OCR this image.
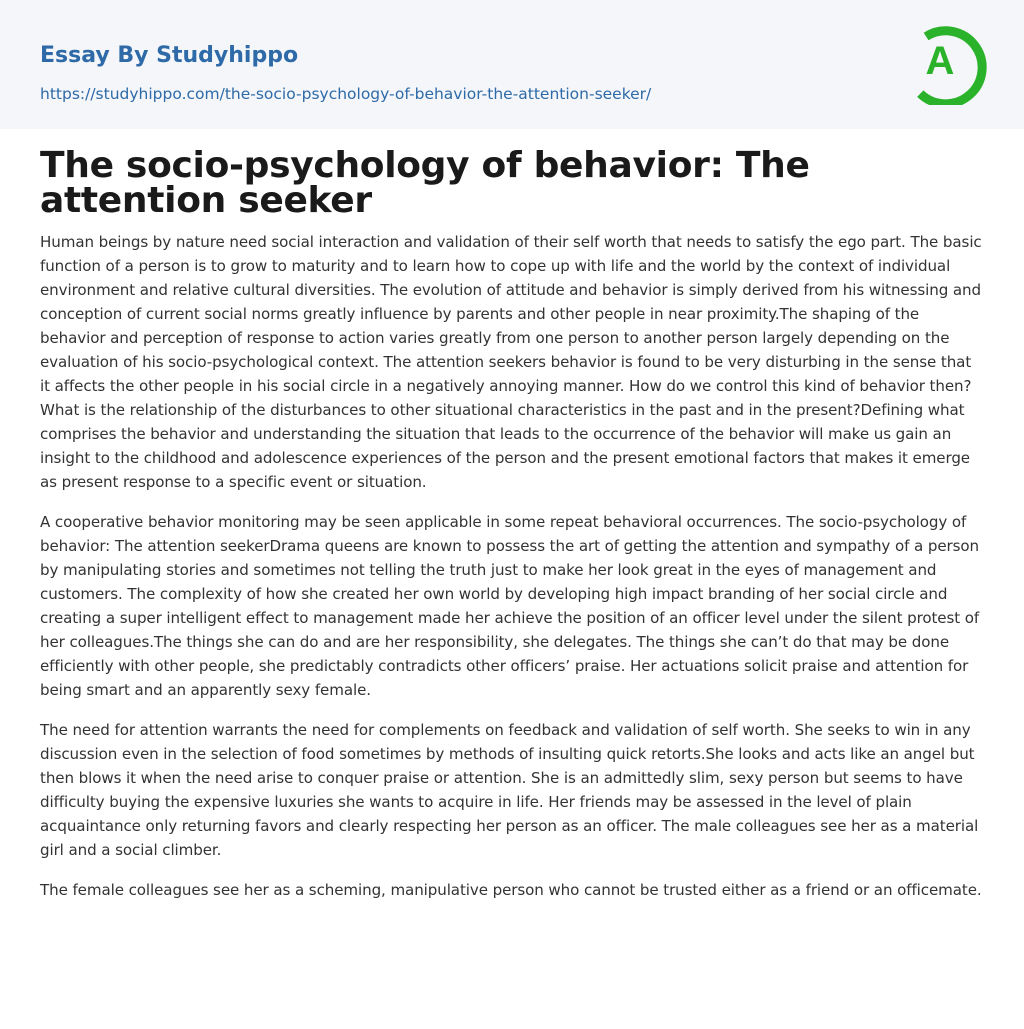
Essay By Studyhippo
https://studyhippo.com/the-socio-psychology-of-behavior-the-attention-seeker/
A
The socio-psychology of behavior: The attention seeker

Human beings by nature need social interaction and validation of their self worth that needs to satisfy the ego part. The basic function of a person is to grow to maturity and to learn how to cope up with life and the world by the context of individual environment and relative cultural diversities. The evolution of attitude and behavior is simply derived from his witnessing and conception of current social norms greatly influence by parents and other people in near proximity.The shaping of the behavior and perception of response to action varies greatly from one person to another person largely depending on the evaluation of his socio-psychological context. The attention seekers behavior is found to be very disturbing in the sense that it affects the other people in his social circle in a negatively annoying manner. How do we control this kind of behavior then? What is the relationship of the disturbances to other situational characteristics in the past and in the present?Defining what comprises the behavior and understanding the situation that leads to the occurrence of the behavior will make us gain an insight to the childhood and adolescence experiences of the person and the present emotional factors that makes it emerge as present response to a specific event or situation.

A cooperative behavior monitoring may be seen applicable in some repeat behavioral occurrences. The socio-psychology of behavior: The attention seekerDrama queens are known to possess the art of getting the attention and sympathy of a person by manipulating stories and sometimes not telling the truth just to make her look great in the eyes of management and customers. The complexity of how she created her own world by developing high impact branding of her social circle and creating a super intelligent effect to management made her achieve the position of an officer level under the silent protest of her colleagues.The things she can do and are her responsibility, she delegates. The things she can’t do that may be done efficiently with other people, she predictably contradicts other officers’ praise. Her actuations solicit praise and attention for being smart and an apparently sexy female.

The need for attention warrants the need for complements on feedback and validation of self worth. She seeks to win in any discussion even in the selection of food sometimes by methods of insulting quick retorts.She looks and acts like an angel but then blows it when the need arise to conquer praise or attention. She is an admittedly slim, sexy person but seems to have difficulty buying the expensive luxuries she wants to acquire in life. Her friends may be assessed in the level of plain acquaintance only returning favors and clearly respecting her person as an officer. The male colleagues see her as a material girl and a social climber.

The female colleagues see her as a scheming, manipulative person who cannot be trusted either as a friend or an officemate.
